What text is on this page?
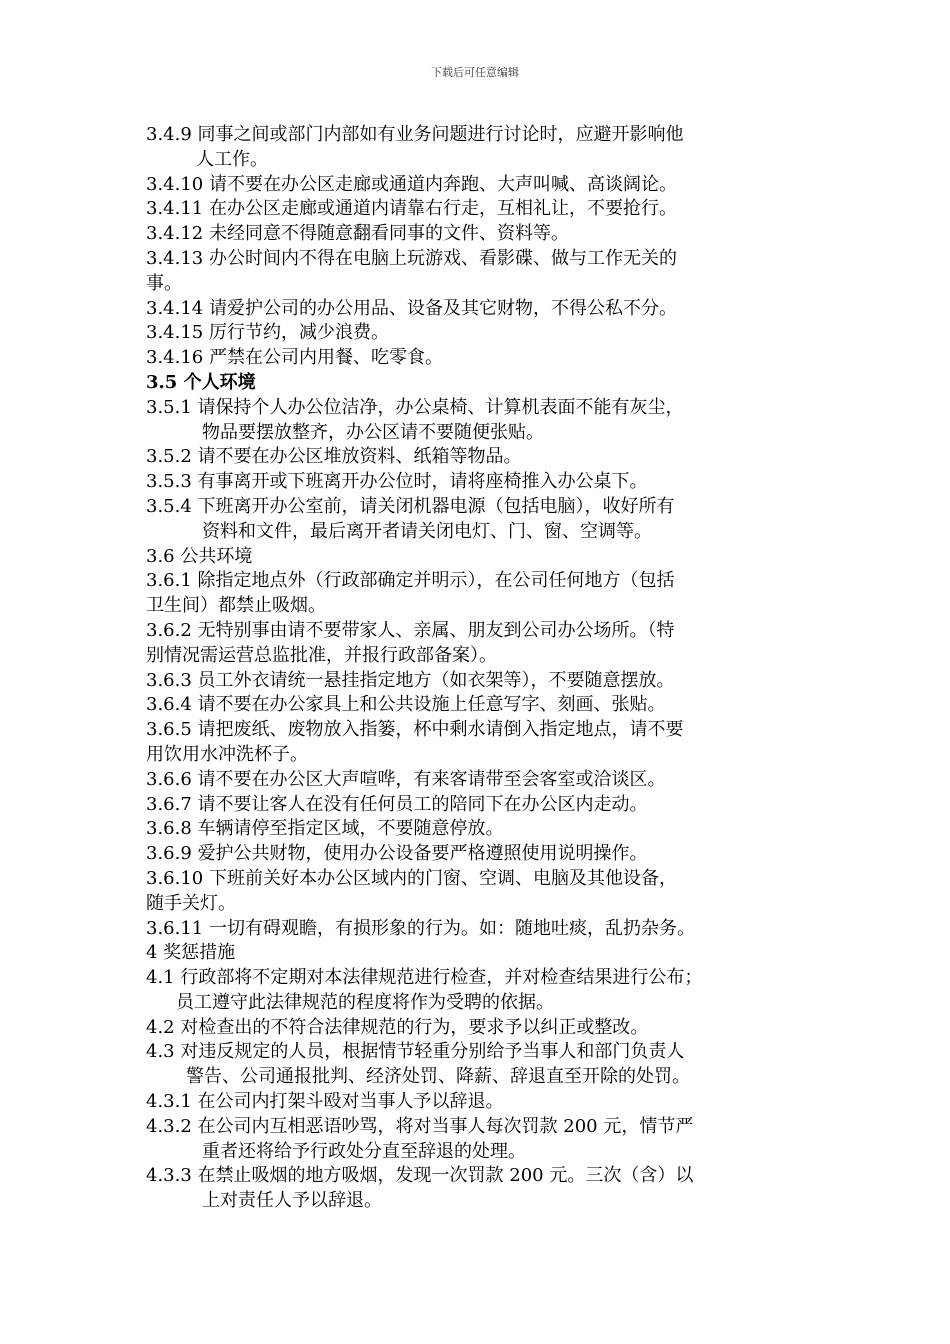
下载后可任意编辑
3.4.9 同事之间或部门内部如有业务问题进行讨论时，应避开影响他
人工作。
3.4.10 请不要在办公区走廊或通道内奔跑、大声叫喊、高谈阔论。
3.4.11 在办公区走廊或通道内请靠右行走，互相礼让，不要抢行。
3.4.12 未经同意不得随意翻看同事的文件、资料等。
3.4.13 办公时间内不得在电脑上玩游戏、看影碟、做与工作无关的
事。
3.4.14 请爱护公司的办公用品、设备及其它财物，不得公私不分。
3.4.15 厉行节约，减少浪费。
3.4.16 严禁在公司内用餐、吃零食。
3.5 个人环境
3.5.1 请保持个人办公位洁净，办公桌椅、计算机表面不能有灰尘，
物品要摆放整齐，办公区请不要随便张贴。
3.5.2 请不要在办公区堆放资料、纸箱等物品。
3.5.3 有事离开或下班离开办公位时，请将座椅推入办公桌下。
3.5.4 下班离开办公室前，请关闭机器电源（包括电脑），收好所有
资料和文件，最后离开者请关闭电灯、门、窗、空调等。
3.6 公共环境
3.6.1 除指定地点外（行政部确定并明示），在公司任何地方（包括
卫生间）都禁止吸烟。
3.6.2 无特别事由请不要带家人、亲属、朋友到公司办公场所。（特
别情况需运营总监批准，并报行政部备案）。
3.6.3 员工外衣请统一悬挂指定地方（如衣架等），不要随意摆放。
3.6.4 请不要在办公家具上和公共设施上任意写字、刻画、张贴。
3.6.5 请把废纸、废物放入指篓，杯中剩水请倒入指定地点，请不要
用饮用水冲洗杯子。
3.6.6 请不要在办公区大声喧哗，有来客请带至会客室或洽谈区。
3.6.7 请不要让客人在没有任何员工的陪同下在办公区内走动。
3.6.8 车辆请停至指定区域，不要随意停放。
3.6.9 爱护公共财物，使用办公设备要严格遵照使用说明操作。
3.6.10 下班前关好本办公区域内的门窗、空调、电脑及其他设备，
随手关灯。
3.6.11 一切有碍观瞻，有损形象的行为。如：随地吐痰，乱扔杂务。
4 奖惩措施
4.1 行政部将不定期对本法律规范进行检查，并对检查结果进行公布；
员工遵守此法律规范的程度将作为受聘的依据。
4.2 对检查出的不符合法律规范的行为，要求予以纠正或整改。
4.3 对违反规定的人员，根据情节轻重分别给予当事人和部门负责人
警告、公司通报批判、经济处罚、降薪、辞退直至开除的处罚。
4.3.1 在公司内打架斗殴对当事人予以辞退。
4.3.2 在公司内互相恶语吵骂，将对当事人每次罚款 200 元，情节严
重者还将给予行政处分直至辞退的处理。
4.3.3 在禁止吸烟的地方吸烟，发现一次罚款 200 元。三次（含）以
上对责任人予以辞退。
